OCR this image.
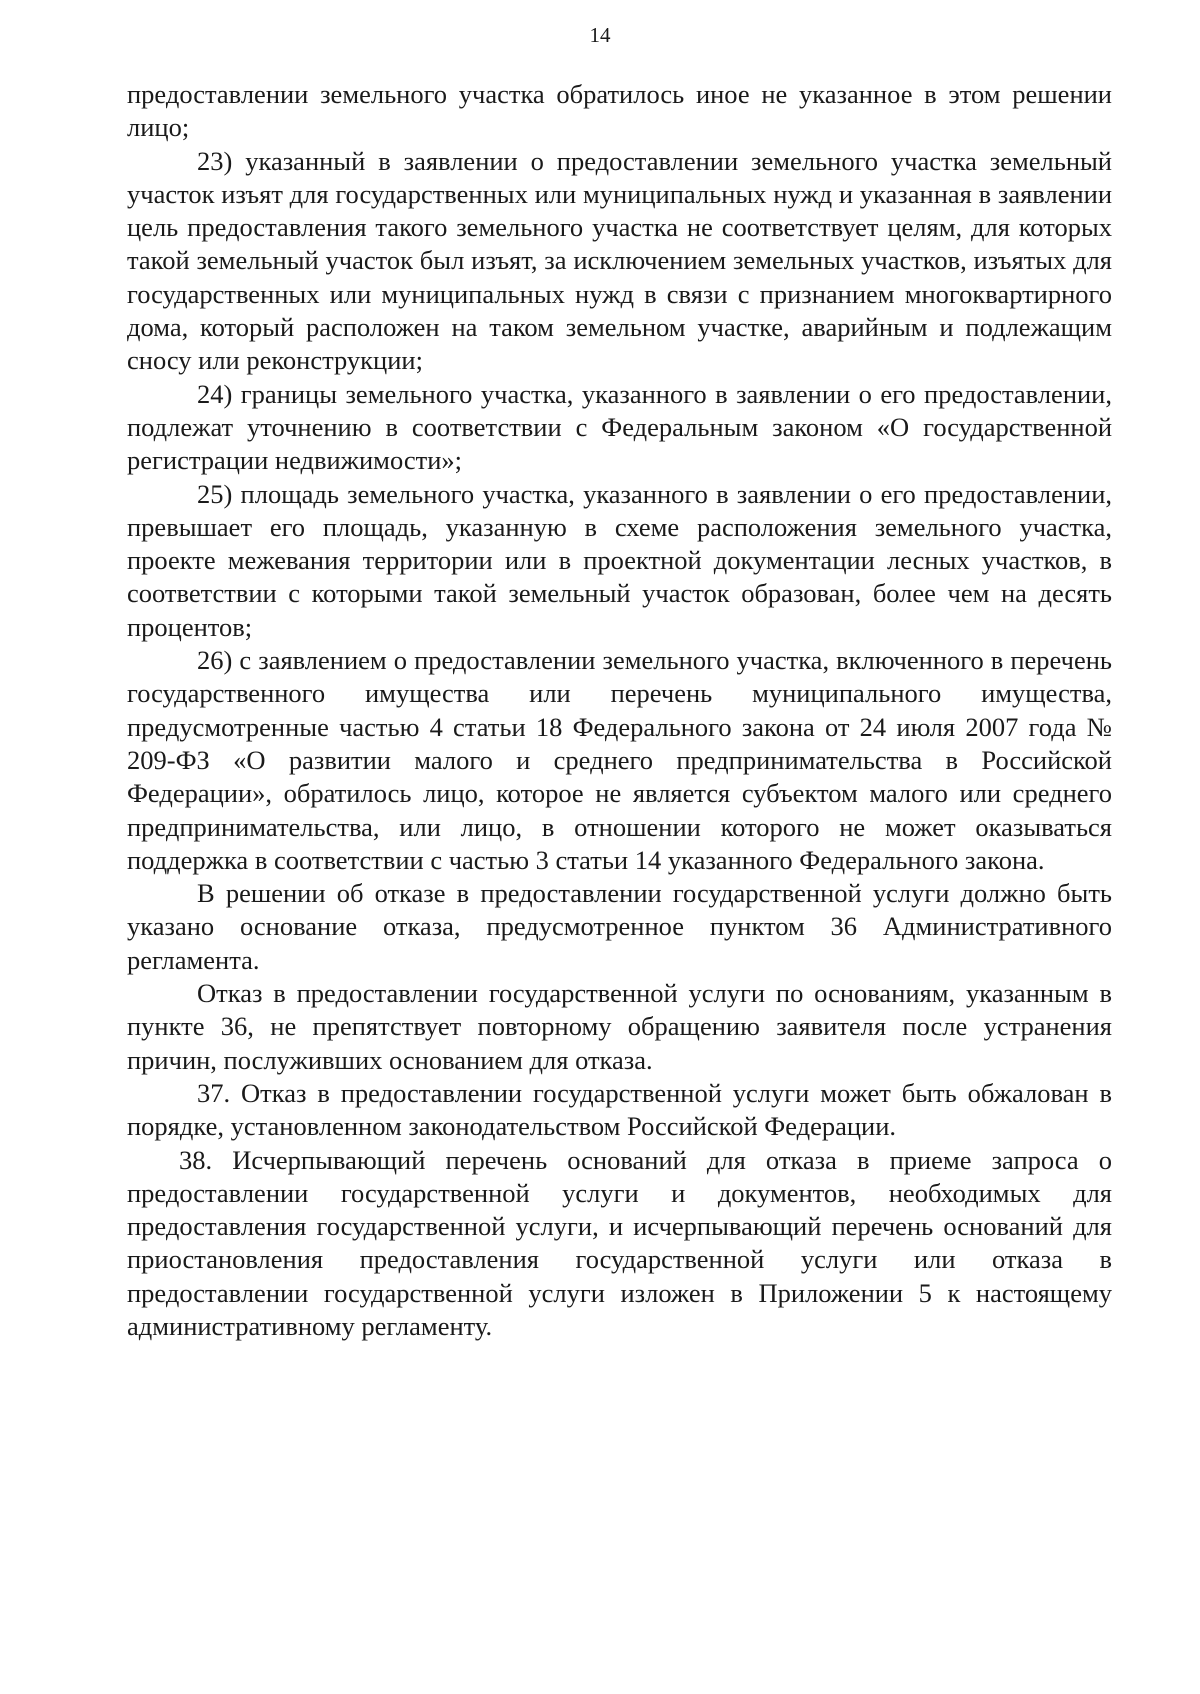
14

предоставлении земельного участка обратилось иное не указанное в этом решении лицо;

23) указанный в заявлении о предоставлении земельного участка земельный участок изъят для государственных или муниципальных нужд и указанная в заявлении цель предоставления такого земельного участка не соответствует целям, для которых такой земельный участок был изъят, за исключением земельных участков, изъятых для государственных или муниципальных нужд в связи с признанием многоквартирного дома, который расположен на таком земельном участке, аварийным и подлежащим сносу или реконструкции;

24) границы земельного участка, указанного в заявлении о его предоставлении, подлежат уточнению в соответствии с Федеральным законом «О государственной регистрации недвижимости»;

25) площадь земельного участка, указанного в заявлении о его предоставлении, превышает его площадь, указанную в схеме расположения земельного участка, проекте межевания территории или в проектной документации лесных участков, в соответствии с которыми такой земельный участок образован, более чем на десять процентов;

26) с заявлением о предоставлении земельного участка, включенного в перечень государственного имущества или перечень муниципального имущества, предусмотренные частью 4 статьи 18 Федерального закона от 24 июля 2007 года № 209-ФЗ «О развитии малого и среднего предпринимательства в Российской Федерации», обратилось лицо, которое не является субъектом малого или среднего предпринимательства, или лицо, в отношении которого не может оказываться поддержка в соответствии с частью 3 статьи 14 указанного Федерального закона.

В решении об отказе в предоставлении государственной услуги должно быть указано основание отказа, предусмотренное пунктом 36 Административного регламента.

Отказ в предоставлении государственной услуги по основаниям, указанным в пункте 36, не препятствует повторному обращению заявителя после устранения причин, послуживших основанием для отказа.

37. Отказ в предоставлении государственной услуги может быть обжалован в порядке, установленном законодательством Российской Федерации.

38. Исчерпывающий перечень оснований для отказа в приеме запроса о предоставлении государственной услуги и документов, необходимых для предоставления государственной услуги, и исчерпывающий перечень оснований для приостановления предоставления государственной услуги или отказа в предоставлении государственной услуги изложен в Приложении 5 к настоящему административному регламенту.
